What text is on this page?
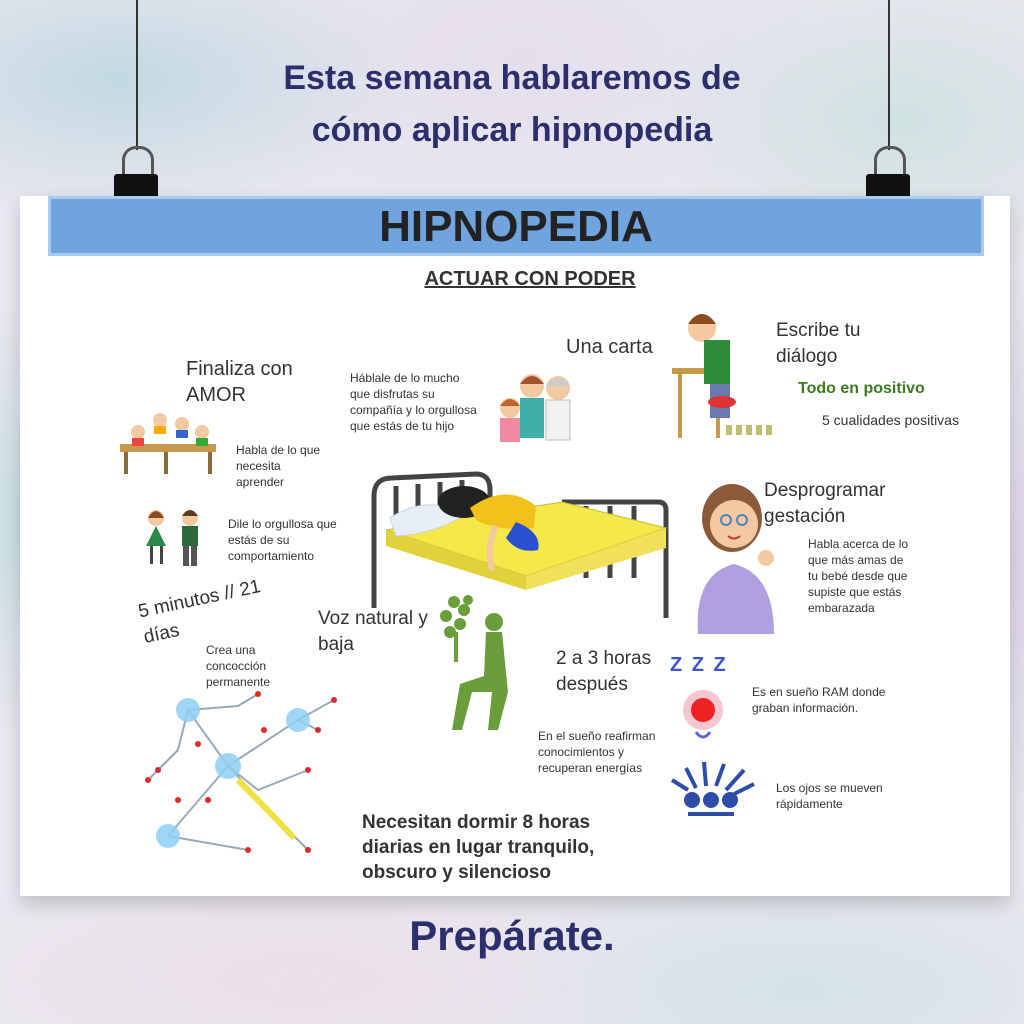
Esta semana hablaremos de
cómo aplicar hipnopedia
HIPNOPEDIA
ACTUAR CON PODER
Finaliza con
AMOR
Háblale de lo mucho
que disfrutas su
compañía y lo orgullosa
que estás de tu hijo
Una carta
Escribe tu
diálogo
Todo en positivo
5 cualidades positivas
Habla de lo que
necesita
aprender
Dile lo orgullosa que
estás de su
comportamiento
Desprogramar
gestación
Habla acerca de lo
que más amas de
tu bebé desde que
supiste que estás
embarazada
5 minutos // 21
días
Crea una
concocción
permanente
Voz natural y
baja
2 a 3 horas
después
En el sueño reafirman
conocimientos y
recuperan energías
Z Z Z
Es en sueño RAM donde
graban información.
Los ojos se mueven
rápidamente
Necesitan dormir 8 horas
diarias en lugar tranquilo,
obscuro y silencioso
Prepárate.
